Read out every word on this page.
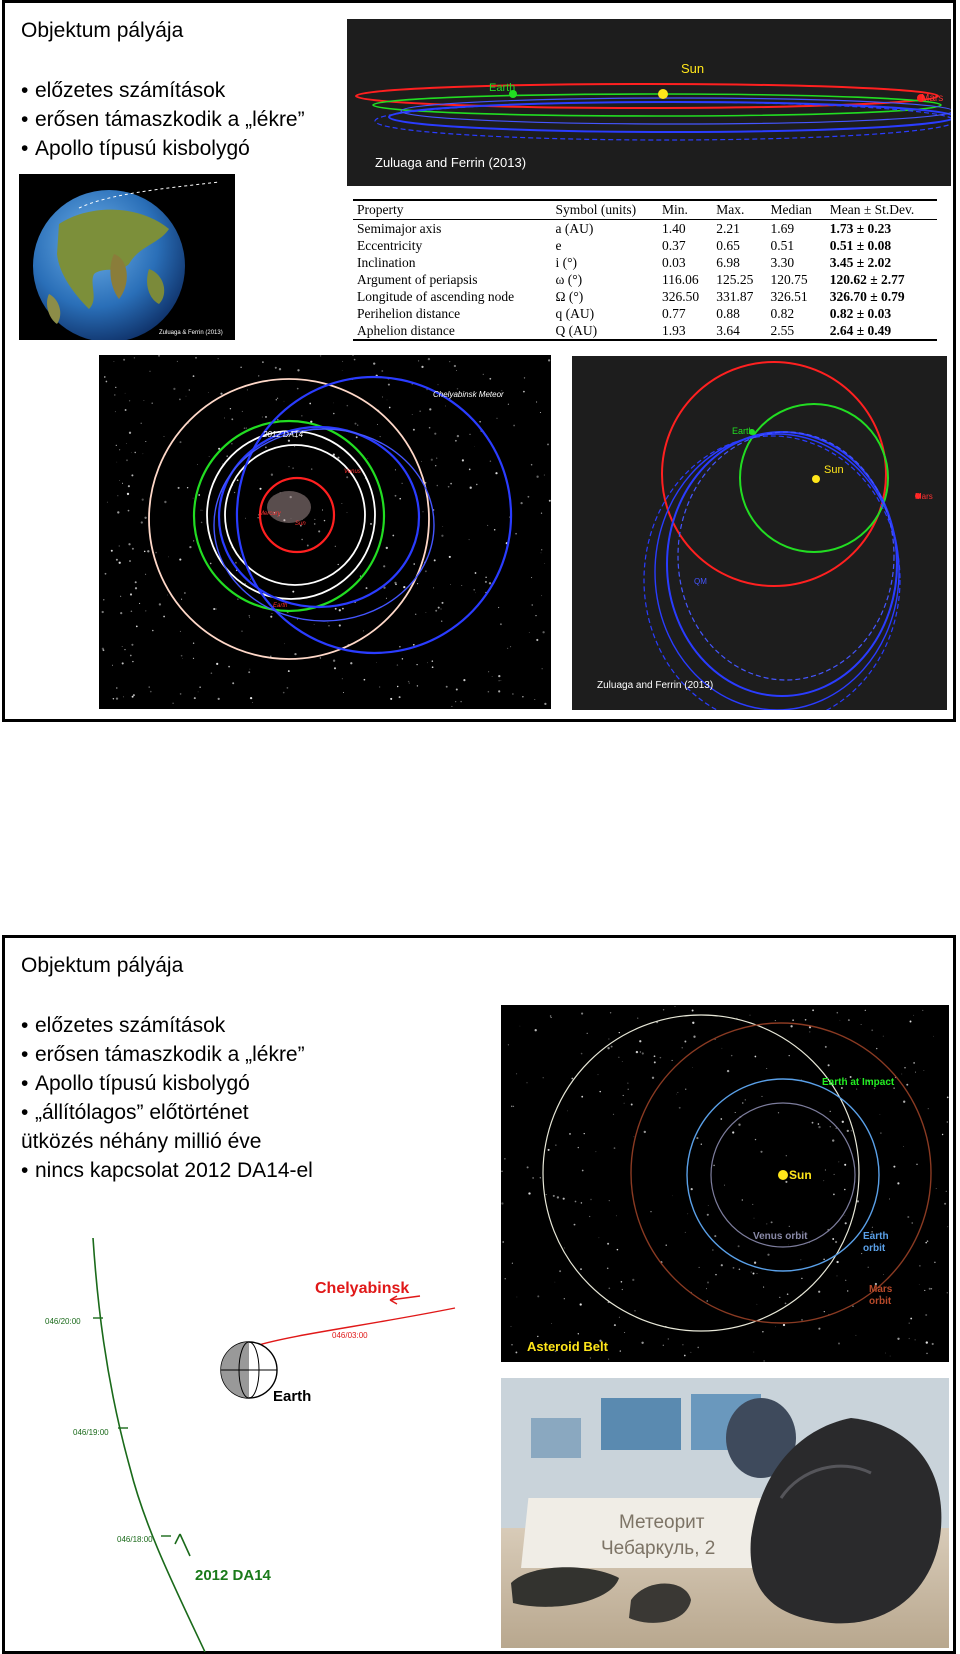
Objektum pályája
• előzetes számítások
• erősen támaszkodik a „lékre”
• Apollo típusú kisbolygó
Earth
Sun
Mars
Zuluaga and Ferrin (2013)
Zuluaga & Ferrin (2013)
Property	Symbol (units)	Min.	Max.	Median	Mean ± St.Dev.
Semimajor axis	a (AU)	1.40	2.21	1.69	1.73 ± 0.23
Eccentricity	e	0.37	0.65	0.51	0.51 ± 0.08
Inclination	i (°)	0.03	6.98	3.30	3.45 ± 2.02
Argument of periapsis	ω (°)	116.06	125.25	120.75	120.62 ± 2.77
Longitude of ascending node	Ω (°)	326.50	331.87	326.51	326.70 ± 0.79
Perihelion distance	q (AU)	0.77	0.88	0.82	0.82 ± 0.03
Aphelion distance	Q (AU)	1.93	3.64	2.55	2.64 ± 0.49
Chelyabinsk Meteor
2012 DA14
Venus
Mercury
Sun
Earth
Earth
Sun
Mars
QM
Zuluaga and Ferrin (2013)
Objektum pályája
• előzetes számítások
• erősen támaszkodik a „lékre”
• Apollo típusú kisbolygó
• „állítólagos” előtörténet
ütközés néhány millió éve
• nincs kapcsolat 2012 DA14-el
Earth at Impact
Sun
Venus orbit	Earth
orbit
Mars
orbit
Asteroid Belt
046/20:00
046/19:00
046/18:00
2012 DA14
Chelyabinsk
046/03:00
Earth
Метеорит
Чебаркуль, 2
